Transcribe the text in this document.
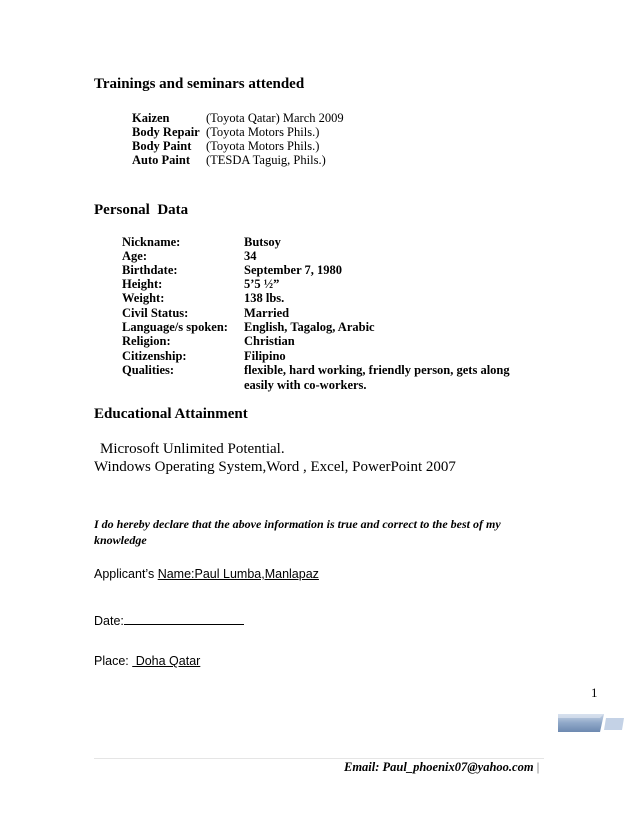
Trainings and seminars attended
Kaizen	(Toyota Qatar) March 2009
Body Repair (Toyota Motors Phils.)
Body Paint (Toyota Motors Phils.)
Auto Paint (TESDA Taguig, Phils.)
Personal  Data
Nickname:	Butsoy
Age:	34
Birthdate:	September 7, 1980
Height:	5’5 ½”
Weight:	138 lbs.
Civil Status:	Married
Language/s spoken: English, Tagalog, Arabic
Religion:	Christian
Citizenship:	Filipino
Qualities:	flexible, hard working, friendly person, gets along easily with co-workers.
Educational Attainment
Microsoft Unlimited Potential.
Windows Operating System,Word , Excel, PowerPoint 2007
I do hereby declare that the above information is true and correct to the best of my knowledge
Applicant’s Name:Paul Lumba,Manlapaz
Date:
Place:  Doha Qatar
1
Email: Paul_phoenix07@yahoo.com |
